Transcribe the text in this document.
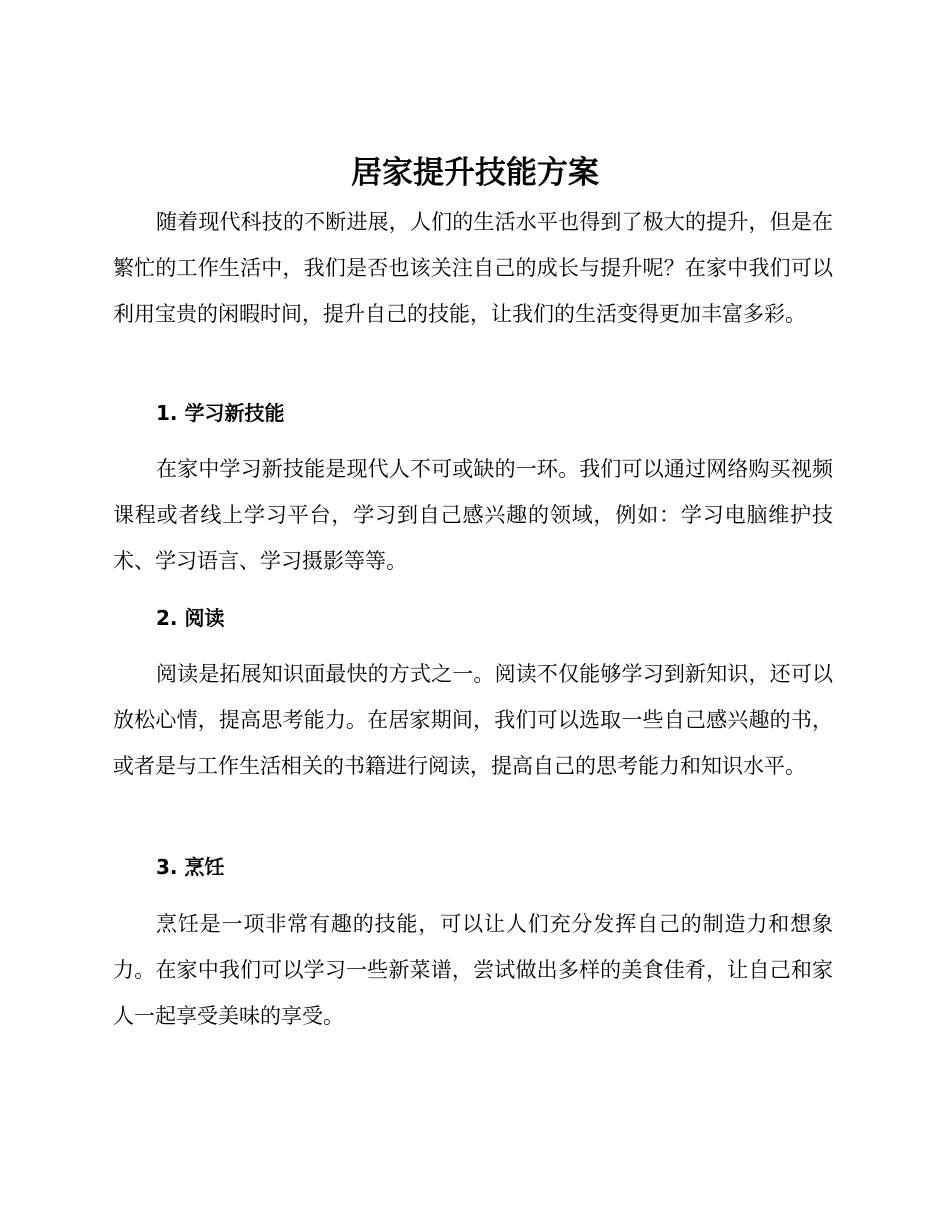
居家提升技能方案

随着现代科技的不断进展，人们的生活水平也得到了极大的提升，但是在繁忙的工作生活中，我们是否也该关注自己的成长与提升呢？在家中我们可以利用宝贵的闲暇时间，提升自己的技能，让我们的生活变得更加丰富多彩。

1. 学习新技能

在家中学习新技能是现代人不可或缺的一环。我们可以通过网络购买视频课程或者线上学习平台，学习到自己感兴趣的领域，例如：学习电脑维护技术、学习语言、学习摄影等等。

2. 阅读

阅读是拓展知识面最快的方式之一。阅读不仅能够学习到新知识，还可以放松心情，提高思考能力。在居家期间，我们可以选取一些自己感兴趣的书，或者是与工作生活相关的书籍进行阅读，提高自己的思考能力和知识水平。

3. 烹饪

烹饪是一项非常有趣的技能，可以让人们充分发挥自己的制造力和想象力。在家中我们可以学习一些新菜谱，尝试做出多样的美食佳肴，让自己和家人一起享受美味的享受。
